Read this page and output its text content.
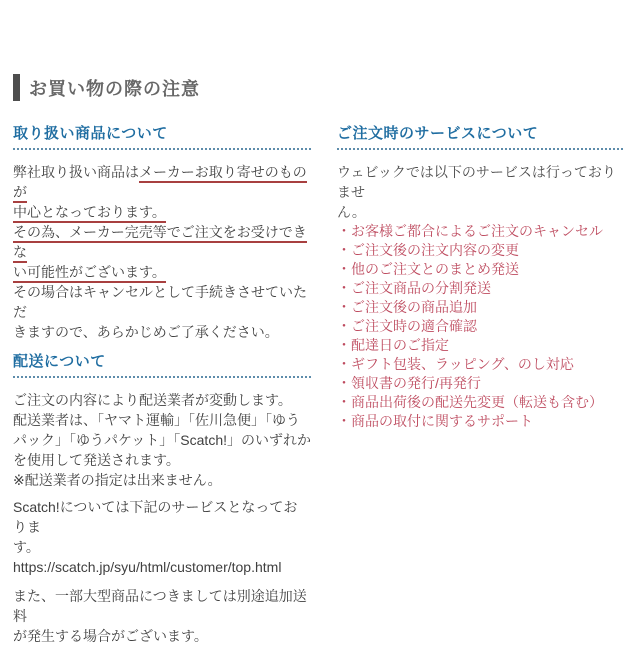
お買い物の際の注意
取り扱い商品について
弊社取り扱い商品はメーカーお取り寄せのものが
中心となっております。
その為、メーカー完売等でご注文をお受けできな
い可能性がございます。
その場合はキャンセルとして手続きさせていただ
きますので、あらかじめご了承ください。
配送について
ご注文の内容により配送業者が変動します。
配送業者は、「ヤマト運輸」「佐川急便」「ゆう
パック」「ゆうパケット」「Scatch!」のいずれか
を使用して発送されます。
※配送業者の指定は出来ません。
Scatch!については下記のサービスとなっておりま
す。
https://scatch.jp/syu/html/customer/top.html
また、一部大型商品につきましては別途追加送料
が発生する場合がございます。
ご注文時のサービスについて
ウェビックでは以下のサービスは行っておりませ
ん。
・お客様ご都合によるご注文のキャンセル
・ご注文後の注文内容の変更
・他のご注文とのまとめ発送
・ご注文商品の分割発送
・ご注文後の商品追加
・ご注文時の適合確認
・配達日のご指定
・ギフト包装、ラッピング、のし対応
・領収書の発行/再発行
・商品出荷後の配送先変更（転送も含む）
・商品の取付に関するサポート
